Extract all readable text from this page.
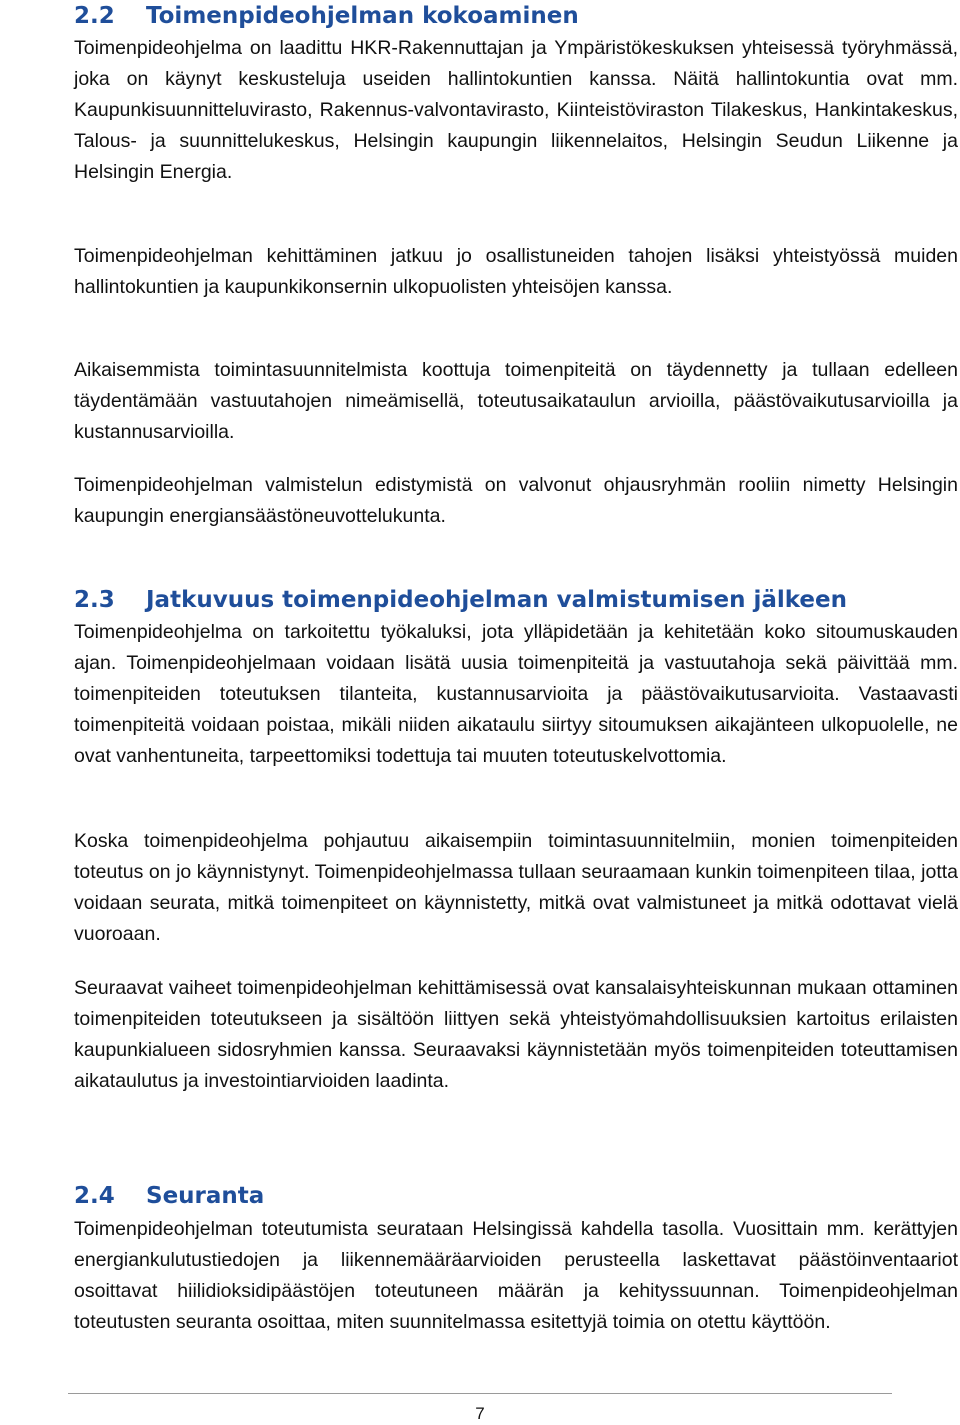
2.2 Toimenpideohjelman kokoaminen

Toimenpideohjelma on laadittu HKR-Rakennuttajan ja Ympäristökeskuksen yhteisessä työryhmässä, joka on käynyt keskusteluja useiden hallintokuntien kanssa. Näitä hallintokuntia ovat mm. Kaupunkisuunnitteluvirasto, Rakennus-valvontavirasto, Kiinteistöviraston Tilakeskus, Hankintakeskus, Talous- ja suunnittelukeskus, Helsingin kaupungin liikennelaitos, Helsingin Seudun Liikenne ja Helsingin Energia.

Toimenpideohjelman kehittäminen jatkuu jo osallistuneiden tahojen lisäksi yhteistyössä muiden hallintokuntien ja kaupunkikonsernin ulkopuolisten yhteisöjen kanssa.

Aikaisemmista toimintasuunnitelmista koottuja toimenpiteitä on täydennetty ja tullaan edelleen täydentämään vastuutahojen nimeämisellä, toteutusaikataulun arvioilla, päästövaikutusarvioilla ja kustannusarvioilla.

Toimenpideohjelman valmistelun edistymistä on valvonut ohjausryhmän rooliin nimetty Helsingin kaupungin energiansäästöneuvottelukunta.

2.3 Jatkuvuus toimenpideohjelman valmistumisen jälkeen

Toimenpideohjelma on tarkoitettu työkaluksi, jota ylläpidetään ja kehitetään koko sitoumuskauden ajan. Toimenpideohjelmaan voidaan lisätä uusia toimenpiteitä ja vastuutahoja sekä päivittää mm. toimenpiteiden toteutuksen tilanteita, kustannusarvioita ja päästövaikutusarvioita. Vastaavasti toimenpiteitä voidaan poistaa, mikäli niiden aikataulu siirtyy sitoumuksen aikajänteen ulkopuolelle, ne ovat vanhentuneita, tarpeettomiksi todettuja tai muuten toteutuskelvottomia.

Koska toimenpideohjelma pohjautuu aikaisempiin toimintasuunnitelmiin, monien toimenpiteiden toteutus on jo käynnistynyt. Toimenpideohjelmassa tullaan seuraamaan kunkin toimenpiteen tilaa, jotta voidaan seurata, mitkä toimenpiteet on käynnistetty, mitkä ovat valmistuneet ja mitkä odottavat vielä vuoroaan.

Seuraavat vaiheet toimenpideohjelman kehittämisessä ovat kansalaisyhteiskunnan mukaan ottaminen toimenpiteiden toteutukseen ja sisältöön liittyen sekä yhteistyömahdollisuuksien kartoitus erilaisten kaupunkialueen sidosryhmien kanssa. Seuraavaksi käynnistetään myös toimenpiteiden toteuttamisen aikataulutus ja investointiarvioiden laadinta.

2.4 Seuranta

Toimenpideohjelman toteutumista seurataan Helsingissä kahdella tasolla. Vuosittain mm. kerättyjen energiankulutustiedojen ja liikennemääräarvioiden perusteella laskettavat päästöinventaariot osoittavat hiilidioksidipäästöjen toteutuneen määrän ja kehityssuunnan. Toimenpideohjelman toteutusten seuranta osoittaa, miten suunnitelmassa esitettyjä toimia on otettu käyttöön.

7
